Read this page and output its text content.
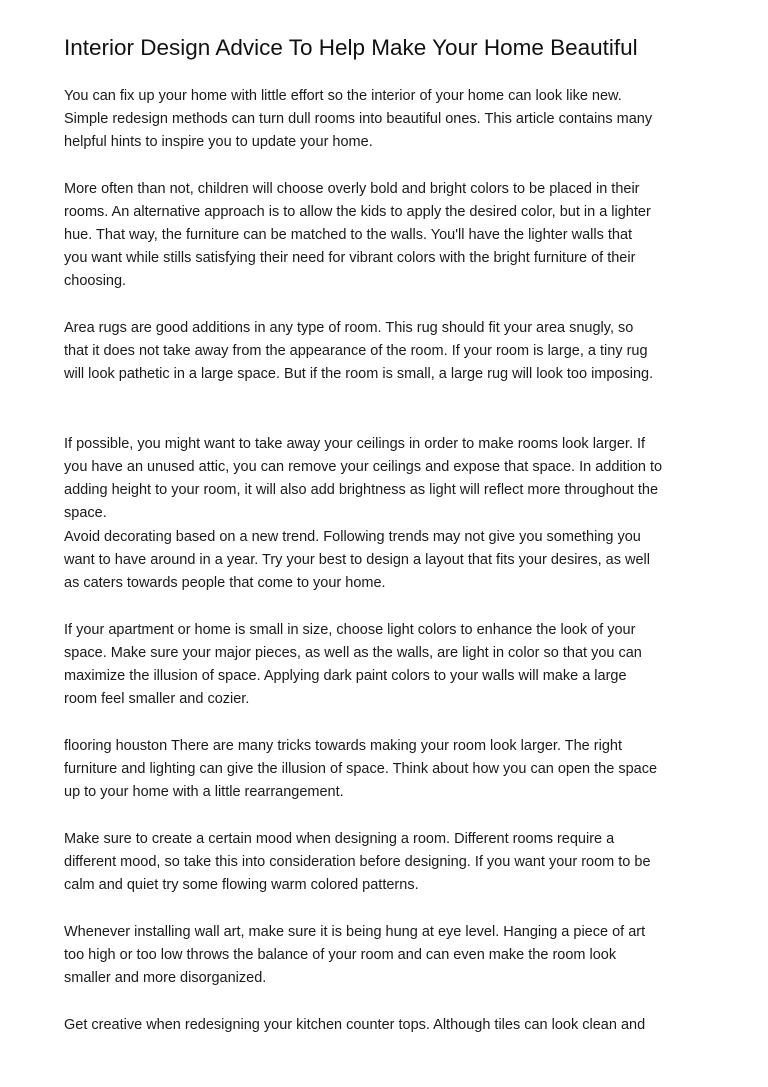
Interior Design Advice To Help Make Your Home Beautiful

You can fix up your home with little effort so the interior of your home can look like new.
Simple redesign methods can turn dull rooms into beautiful ones. This article contains many
helpful hints to inspire you to update your home.

More often than not, children will choose overly bold and bright colors to be placed in their
rooms. An alternative approach is to allow the kids to apply the desired color, but in a lighter
hue. That way, the furniture can be matched to the walls. You'll have the lighter walls that
you want while stills satisfying their need for vibrant colors with the bright furniture of their
choosing.

Area rugs are good additions in any type of room. This rug should fit your area snugly, so
that it does not take away from the appearance of the room. If your room is large, a tiny rug
will look pathetic in a large space. But if the room is small, a large rug will look too imposing.

If possible, you might want to take away your ceilings in order to make rooms look larger. If
you have an unused attic, you can remove your ceilings and expose that space. In addition to
adding height to your room, it will also add brightness as light will reflect more throughout the
space.

Avoid decorating based on a new trend. Following trends may not give you something you
want to have around in a year. Try your best to design a layout that fits your desires, as well
as caters towards people that come to your home.

If your apartment or home is small in size, choose light colors to enhance the look of your
space. Make sure your major pieces, as well as the walls, are light in color so that you can
maximize the illusion of space. Applying dark paint colors to your walls will make a large
room feel smaller and cozier.

flooring houston There are many tricks towards making your room look larger. The right
furniture and lighting can give the illusion of space. Think about how you can open the space
up to your home with a little rearrangement.

Make sure to create a certain mood when designing a room. Different rooms require a
different mood, so take this into consideration before designing. If you want your room to be
calm and quiet try some flowing warm colored patterns.

Whenever installing wall art, make sure it is being hung at eye level. Hanging a piece of art
too high or too low throws the balance of your room and can even make the room look
smaller and more disorganized.

Get creative when redesigning your kitchen counter tops. Although tiles can look clean and
